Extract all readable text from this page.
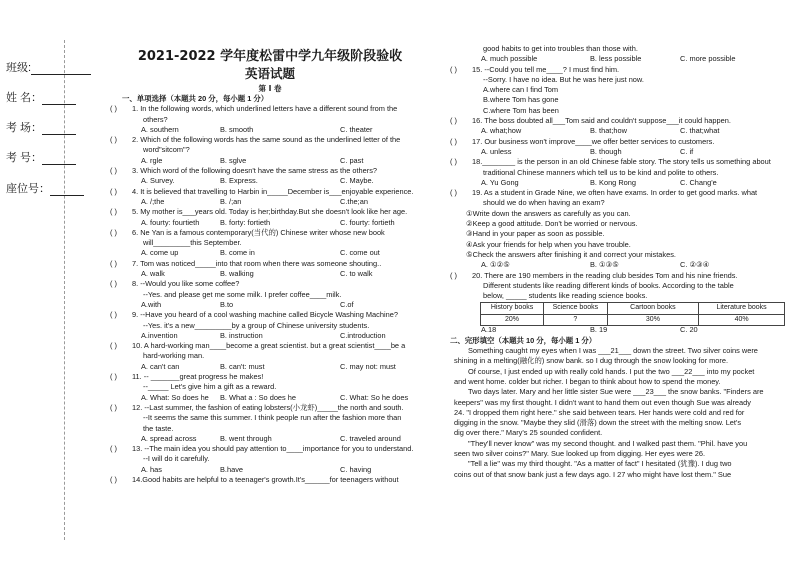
班级:
姓 名：
考 场：
考 号：
座位号：
2021-2022 学年度松雷中学九年级阶段验收
英语试题
第 I 卷
一、单项选择（本题共 20 分，每小题 1 分）
( ) 1. In the following words, which underlined letters have a different sound from the
others?
A. southern	B. smooth	C. theater
( ) 2. Which of the following words has the same sound as the underlined letter of the
word"sitcom"?
A. rgle	B. sglve	C. past
( ) 3. Which word of the following doesn't have the same stress as the others?
A. Survey.	B. Express.	C. Maybe.
( ) 4. It is believed that travelling to Harbin in_____December is___enjoyable experience.
A. /;the	B. /;an	C.the;an
( ) 5. My mother is___years old. Today is her;birthday.But she doesn't look like her age.
A. fourty: fourtieth	B. forty: fortieth	C. fourty: fortieth
( ) 6. Ne Yan is a famous contemporary(当代的) Chinese writer whose new book
will_________this September.
A. come up	B. come in	C. come out
( ) 7. Tom was noticed_____into that room when there was someone shouting..
A. walk	B. walking	C. to walk
( ) 8. --Would you like some coffee?
--Yes. and please get me some milk. I prefer coffee____milk.
A.with	B.to	C.of
( ) 9. --Have you heard of a cool washing machine called Bicycle Washing Machine?
--Yes. it's a new_________by a group of Chinese university students.
A.invention	B. instruction	C.introduction
( ) 10. A hard-working man____become a great scientist. but a great scientist____be a
hard-working man.
A. can't can	B. can't: must	C. may not: must
( ) 11. -- _______great progress he makes!
--_____ Let's give him a gift as a reward.
A. What: So does he B. What a : So does he	C. What: So he does
( ) 12. --Last summer, the fashion of eating lobsters(小龙虾)_____the north and south.
--It seems the same this summer. I think people run after the fashion more than
the taste.
A. spread across	B. went through	C. traveled around
( ) 13. --The main idea you should pay attention to____importance for you to understand.
--I will do it carefully.
A. has	B.have	C. having
( ) 14.Good habits are helpful to a teenager's growth.It's______for teenagers without
good habits to get into troubles than those with.
A. much possible	B. less possible	C. more possible
( ) 15. --Could you tell me____? I must find him.
--Sorry. I have no idea. But he was here just now.
A.where can I find Tom
B.where Tom has gone
C.where Tom has been
( ) 16. The boss doubted all___Tom said and couldn't suppose___it could happen.
A. what;how	B. that;how	C. that;what
( ) 17. Our business won't improve____we offer better services to customers.
A. unless	B. though	C. if
( ) 18.________ is the person in an old Chinese fable story. The story tells us something about
traditional Chinese manners which tell us to be kind and polite to others.
A. Yu Gong	B. Kong Rong	C. Chang'e
( ) 19. As a student in Grade Nine, we often have exams. In order to get good marks. what
should we do when having an exam?
①Write down the answers as carefully as you can.
②Keep a good attitude. Don't be worried or nervous.
③Hand in your paper as soon as possible.
④Ask your friends for help when you have trouble.
⑤Check the answers after finishing it and correct your mistakes.
A. ①②⑤	B. ①③⑤	C. ②③④
( ) 20. There are 190 members in the reading club besides Tom and his nine friends.
Different students like reading different kinds of books. According to the table
below, _____ students like reading science books.
History books	Science books	Cartoon books	Literature books
20%	?	30%	40%
A.18	B. 19	C. 20
二、完形填空（本题共 10 分，每小题 1 分）
Something caught my eyes when I was ___21___ down the street. Two silver coins were
shining in a melting(融化的) snow bank. so I dug through the snow looking for more.
Of course, I just ended up with really cold hands. I put the two ___22___ into my pocket
and went home. colder but richer. I began to think about how to spend the money.
Two days later. Mary and her little sister Sue were ___23___ the snow banks. "Finders are
keepers" was my first thought. I didn't want to hand them out even though Sue was already
24. "I dropped them right here." she said between tears. Her hands were cold and red for
digging in the snow. "Maybe they slid (滑落) down the street with the melting snow. Let's
dig over there." Mary's 25 sounded confident.
"They'll never know" was my second thought. and I walked past them. "Phil. have you
seen two silver coins?" Mary. Sue looked up from digging. Her eyes were 26.
"Tell a lie" was my third thought. "As a matter of fact" I hesitated (犹豫). I dug two
coins out of that snow bank just a few days ago. I 27 who might have lost them." Sue
